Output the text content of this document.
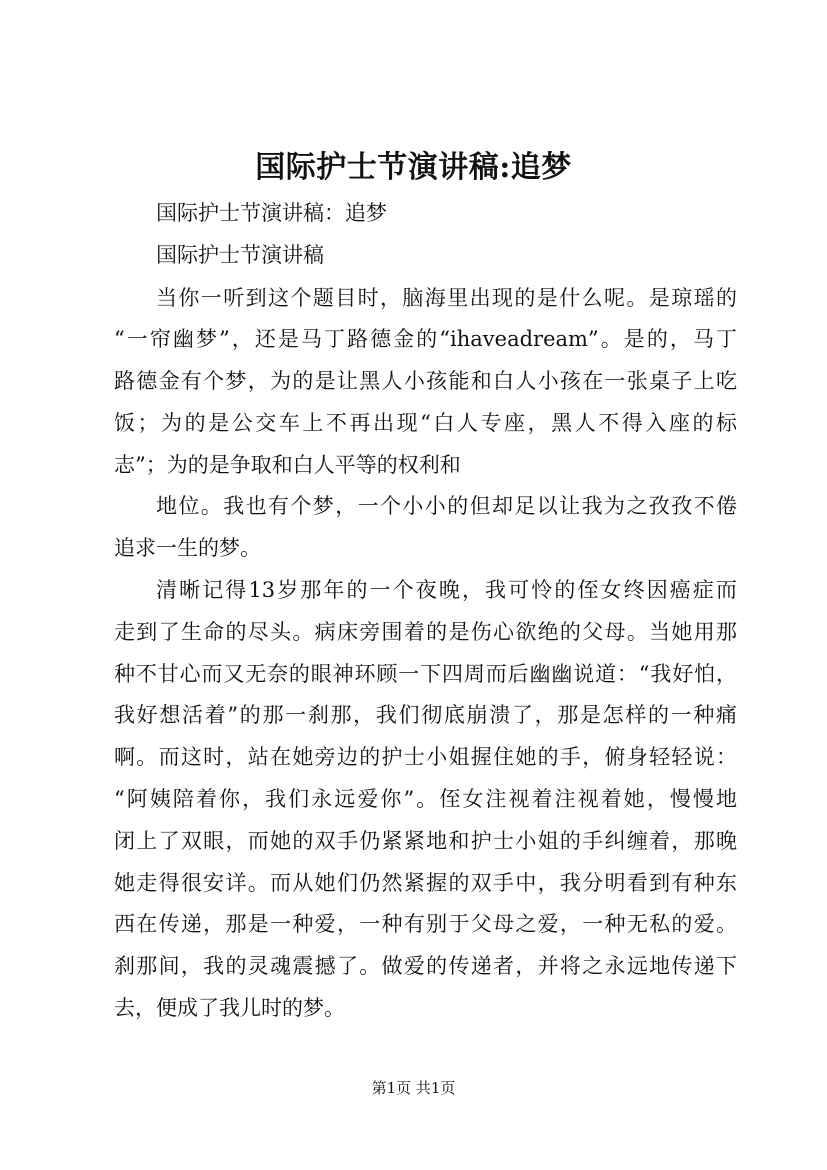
国际护士节演讲稿:追梦
国际护士节演讲稿：追梦
国际护士节演讲稿
当你一听到这个题目时，脑海里出现的是什么呢。是琼瑶的
“一帘幽梦”，还是马丁路德金的“ihaveadream”。是的，马丁
路德金有个梦，为的是让黑人小孩能和白人小孩在一张桌子上吃
饭；为的是公交车上不再出现“白人专座，黑人不得入座的标
志”；为的是争取和白人平等的权利和
地位。我也有个梦，一个小小的但却足以让我为之孜孜不倦
追求一生的梦。
清晰记得13岁那年的一个夜晚，我可怜的侄女终因癌症而
走到了生命的尽头。病床旁围着的是伤心欲绝的父母。当她用那
种不甘心而又无奈的眼神环顾一下四周而后幽幽说道：“我好怕，
我好想活着”的那一刹那，我们彻底崩溃了，那是怎样的一种痛
啊。而这时，站在她旁边的护士小姐握住她的手，俯身轻轻说：
“阿姨陪着你，我们永远爱你”。侄女注视着注视着她，慢慢地
闭上了双眼，而她的双手仍紧紧地和护士小姐的手纠缠着，那晚
她走得很安详。而从她们仍然紧握的双手中，我分明看到有种东
西在传递，那是一种爱，一种有别于父母之爱，一种无私的爱。
刹那间，我的灵魂震撼了。做爱的传递者，并将之永远地传递下
去，便成了我儿时的梦。
第1页 共1页
